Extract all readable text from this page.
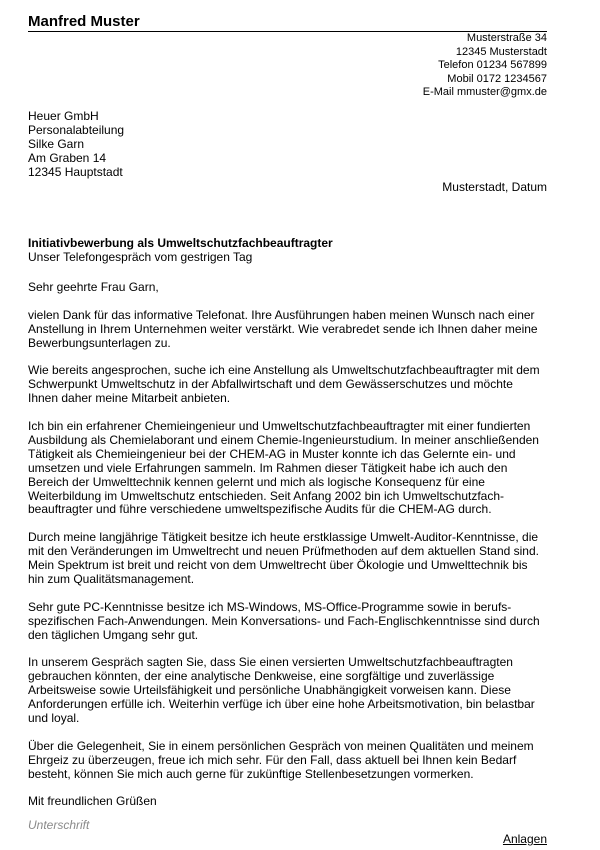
Manfred Muster
Musterstraße 34
12345 Musterstadt
Telefon 01234 567899
Mobil 0172 1234567
E-Mail mmuster@gmx.de
Heuer GmbH
Personalabteilung
Silke Garn
Am Graben 14
12345 Hauptstadt
Musterstadt, Datum
Initiativbewerbung als Umweltschutzfachbeauftragter
Unser Telefongespräch vom gestrigen Tag

Sehr geehrte Frau Garn,

vielen Dank für das informative Telefonat. Ihre Ausführungen haben meinen Wunsch nach einer
Anstellung in Ihrem Unternehmen weiter verstärkt. Wie verabredet sende ich Ihnen daher meine
Bewerbungsunterlagen zu.

Wie bereits angesprochen, suche ich eine Anstellung als Umweltschutzfachbeauftragter mit dem
Schwerpunkt Umweltschutz in der Abfallwirtschaft und dem Gewässerschutzes und möchte
Ihnen daher meine Mitarbeit anbieten.

Ich bin ein erfahrener Chemieingenieur und Umweltschutzfachbeauftragter mit einer fundierten
Ausbildung als Chemielaborant und einem Chemie-Ingenieurstudium. In meiner anschließenden
Tätigkeit als Chemieingenieur bei der CHEM-AG in Muster konnte ich das Gelernte ein- und
umsetzen und viele Erfahrungen sammeln. Im Rahmen dieser Tätigkeit habe ich auch den
Bereich der Umwelttechnik kennen gelernt und mich als logische Konsequenz für eine
Weiterbildung im Umweltschutz entschieden. Seit Anfang 2002 bin ich Umweltschutzfach-
beauftragter und führe verschiedene umweltspezifische Audits für die CHEM-AG durch.

Durch meine langjährige Tätigkeit besitze ich heute erstklassige Umwelt-Auditor-Kenntnisse, die
mit den Veränderungen im Umweltrecht und neuen Prüfmethoden auf dem aktuellen Stand sind.
Mein Spektrum ist breit und reicht von dem Umweltrecht über Ökologie und Umwelttechnik bis
hin zum Qualitätsmanagement.

Sehr gute PC-Kenntnisse besitze ich MS-Windows, MS-Office-Programme sowie in berufs-
spezifischen Fach-Anwendungen. Mein Konversations- und Fach-Englischkenntnisse sind durch
den täglichen Umgang sehr gut.

In unserem Gespräch sagten Sie, dass Sie einen versierten Umweltschutzfachbeauftragten
gebrauchen könnten, der eine analytische Denkweise, eine sorgfältige und zuverlässige
Arbeitsweise sowie Urteilsfähigkeit und persönliche Unabhängigkeit vorweisen kann. Diese
Anforderungen erfülle ich. Weiterhin verfüge ich über eine hohe Arbeitsmotivation, bin belastbar
und loyal.

Über die Gelegenheit, Sie in einem persönlichen Gespräch von meinen Qualitäten und meinem
Ehrgeiz zu überzeugen, freue ich mich sehr. Für den Fall, dass aktuell bei Ihnen kein Bedarf
besteht, können Sie mich auch gerne für zukünftige Stellenbesetzungen vormerken.

Mit freundlichen Grüßen

Unterschrift
Anlagen
